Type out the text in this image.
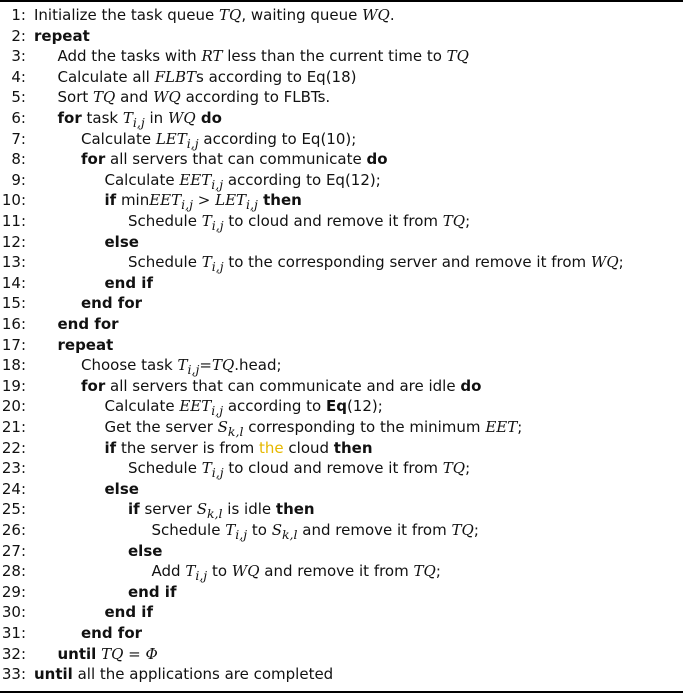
1: Initialize the task queue TQ, waiting queue WQ.
2: repeat
3: Add the tasks with RT less than the current time to TQ
4: Calculate all FLBTs according to Eq(18)
5: Sort TQ and WQ according to FLBTs.
6: for task $T_{i,j}$ in WQ do
7:	Calculate $LET_{i,j}$ according to Eq(10);
8:	for all servers that can communicate do
9:	Calculate $EET_{i,j}$ according to Eq(12);
10:	if minEET$_{i,j}$ > $LET_{i,j}$ then
11:	Schedule $T_{i,j}$ to cloud and remove it from TQ;
12:	else
13:	Schedule $T_{i,j}$ to the corresponding server and remove it from WQ;
14:	end if
15:	end for
16: end for
17: repeat
18:	Choose task $T_{i,j}=TQ.head$;
19:	for all servers that can communicate and are idle do
20:	Calculate $EET_{i,j}$ according to Eq(12);
21:	Get the server $S_{k,l}$ corresponding to the minimum EET;
22:	if the server is from the cloud then
23:	Schedule $T_{i,j}$ to cloud and remove it from TQ;
24:	else
25:	if server $S_{k,l}$ is idle then
26:	Schedule $T_{i,j}$ to $S_{k,l}$ and remove it from TQ;
27:	else
28:	Add $T_{i,j}$ to WQ and remove it from TQ;
29:	end if
30:	end if
31:	end for
32: until TQ = Φ
33: until all the applications are completed
